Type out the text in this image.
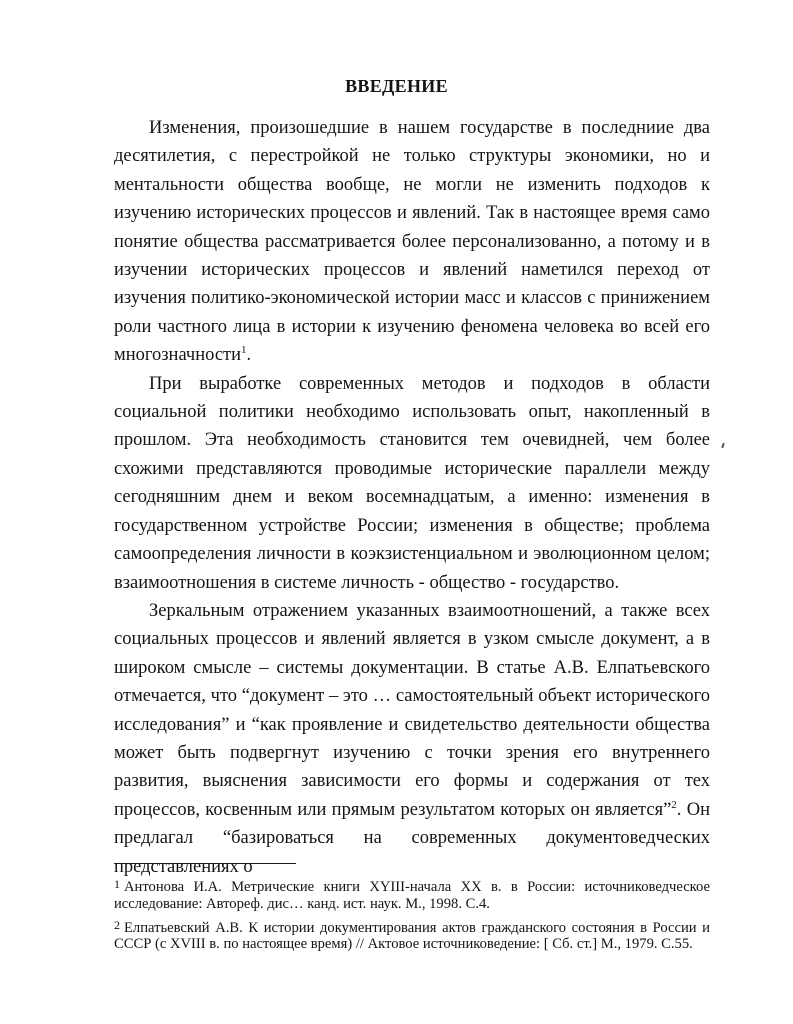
ВВЕДЕНИЕ

Изменения, произошедшие в нашем государстве в последниие два десятилетия, с перестройкой не только структуры экономики, но и ментальности общества вообще, не могли не изменить подходов к изучению исторических процессов и явлений. Так в настоящее время само понятие общества рассматривается более персонализованно, а потому и в изучении исторических процессов и явлений наметился переход от изучения политико-экономической истории масс и классов с принижением роли частного лица в истории к изучению феномена человека во всей его многозначности$^1$.

При выработке современных методов и подходов в области социальной политики необходимо использовать опыт, накопленный в прошлом. Эта необходимость становится тем очевидней, чем более схожими представляются проводимые исторические параллели между сегодняшним днем и веком восемнадцатым, а именно: изменения в государственном устройстве России; изменения в обществе; проблема самоопределения личности в коэкзистенциальном и эволюционном целом; взаимоотношения в системе личность - общество - государство.

Зеркальным отражением указанных взаимоотношений, а также всех социальных процессов и явлений является в узком смысле документ, а в широком смысле – системы документации. В статье А.В. Елпатьевского отмечается, что “документ – это … самостоятельный объект исторического исследования” и “как проявление и свидетельство деятельности общества может быть подвергнут изучению с точки зрения его внутреннего развития, выяснения зависимости его формы и содержания от тех процессов, косвенным или прямым результатом которых он является”$^2$. Он предлагал “базироваться на современных документоведческих представлениях о

$^1$ Антонова И.А. Метрические книги XYIII-начала XX в. в России: источниковедческое исследование: Автореф. дис… канд. ист. наук. М., 1998. С.4.

$^2$ Елпатьевский А.В. К истории документирования актов гражданского состояния в России и СССР (с XVIII в. по настоящее время) // Актовое источниковедение: [ Сб. ст.] М., 1979. С.55.
